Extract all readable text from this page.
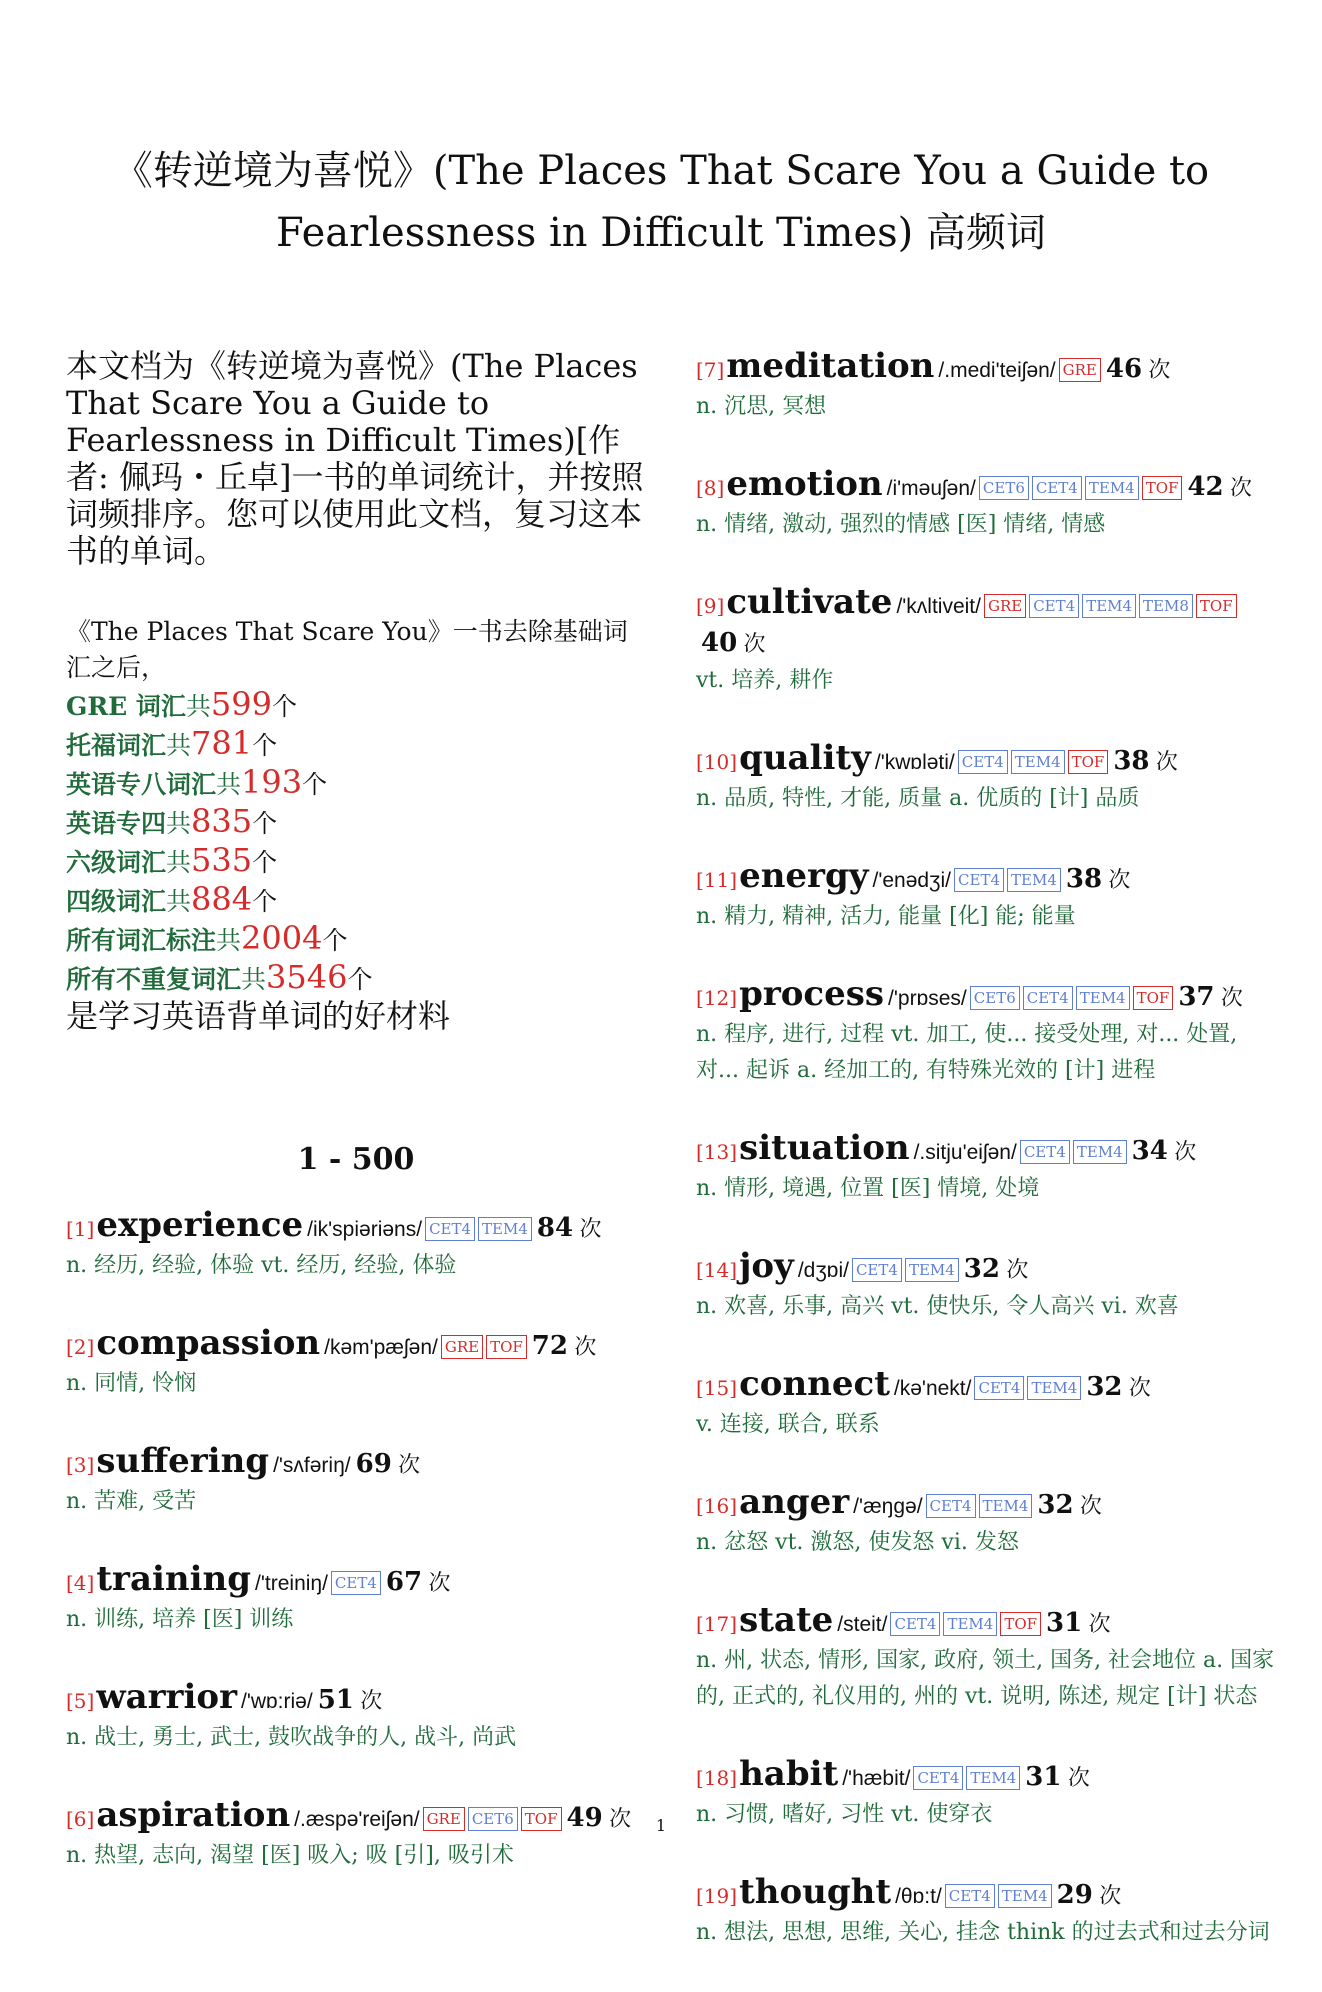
《转逆境为喜悦》(The Places That Scare You a Guide to
Fearlessness in Difficult Times) 高频词

本文档为《转逆境为喜悦》(The Places That Scare You a Guide to Fearlessness in Difficult Times)[作者: 佩玛・丘卓]一书的单词统计，并按照词频排序。您可以使用此文档，复习这本书的单词。

《The Places That Scare You》一书去除基础词汇之后，
GRE 词汇共599个
托福词汇共781个
英语专八词汇共193个
英语专四共835个
六级词汇共535个
四级词汇共884个
所有词汇标注共2004个
所有不重复词汇共3546个
是学习英语背单词的好材料
1 - 500
[1]experience /ik'spiəriəns/ CET4 TEM4 84 次
n. 经历, 经验, 体验 vt. 经历, 经验, 体验
[2]compassion /kəm'pæʃən/ GRE TOF 72 次
n. 同情, 怜悯
[3]suffering /'sʌfəriŋ/ 69 次
n. 苦难, 受苦
[4]training /'treiniŋ/ CET4 67 次
n. 训练, 培养 [医] 训练
[5]warrior /'wɒ:riə/ 51 次
n. 战士, 勇士, 武士, 鼓吹战争的人, 战斗, 尚武
[6]aspiration /.æspə'reiʃən/ GRE CET6 TOF 49 次
n. 热望, 志向, 渴望 [医] 吸入; 吸 [引], 吸引术
[7]meditation /.medi'teiʃən/ GRE 46 次
n. 沉思, 冥想
[8]emotion /i'məuʃən/ CET6 CET4 TEM4 TOF 42 次
n. 情绪, 激动, 强烈的情感 [医] 情绪, 情感
[9]cultivate /'kʌltiveit/ GRE CET4 TEM4 TEM8 TOF40 次
vt. 培养, 耕作
[10]quality /'kwɒləti/ CET4 TEM4 TOF 38 次
n. 品质, 特性, 才能, 质量 a. 优质的 [计] 品质
[11]energy /'enədʒi/ CET4 TEM4 38 次
n. 精力, 精神, 活力, 能量 [化] 能; 能量
[12]process /'prɒses/ CET6 CET4 TEM4 TOF 37 次
n. 程序, 进行, 过程 vt. 加工, 使... 接受处理, 对... 处置, 对... 起诉 a. 经加工的, 有特殊光效的 [计] 进程
[13]situation /.sitju'eiʃən/ CET4 TEM4 34 次
n. 情形, 境遇, 位置 [医] 情境, 处境
[14]joy /dʒɒi/ CET4 TEM4 32 次
n. 欢喜, 乐事, 高兴 vt. 使快乐, 令人高兴 vi. 欢喜
[15]connect /kə'nekt/ CET4 TEM4 32 次
v. 连接, 联合, 联系
[16]anger /'æŋgə/ CET4 TEM4 32 次
n. 忿怒 vt. 激怒, 使发怒 vi. 发怒
[17]state /steit/ CET4 TEM4 TOF 31 次
n. 州, 状态, 情形, 国家, 政府, 领土, 国务, 社会地位 a. 国家的, 正式的, 礼仪用的, 州的 vt. 说明, 陈述, 规定 [计] 状态
[18]habit /'hæbit/ CET4 TEM4 31 次
n. 习惯, 嗜好, 习性 vt. 使穿衣
[19]thought /θɒ:t/ CET4 TEM4 29 次
n. 想法, 思想, 思维, 关心, 挂念 think 的过去式和过去分词
1
